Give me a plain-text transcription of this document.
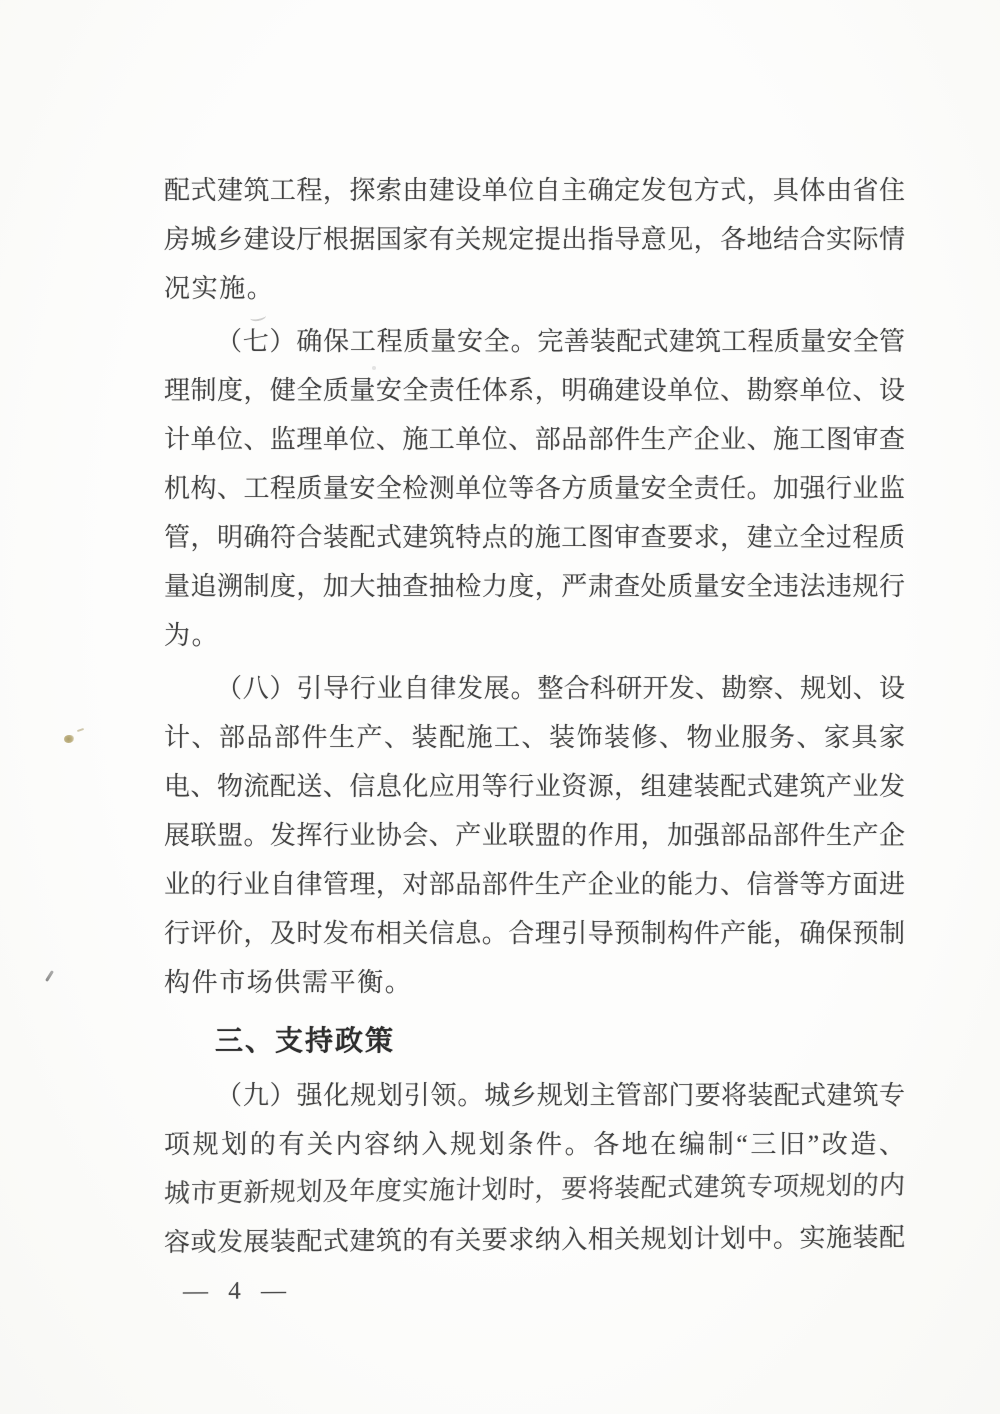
配式建筑工程，探索由建设单位自主确定发包方式，具体由省住
房城乡建设厅根据国家有关规定提出指导意见，各地结合实际情
况实施。
（七）确保工程质量安全。完善装配式建筑工程质量安全管
理制度，健全质量安全责任体系，明确建设单位、勘察单位、设
计单位、监理单位、施工单位、部品部件生产企业、施工图审查
机构、工程质量安全检测单位等各方质量安全责任。加强行业监
管，明确符合装配式建筑特点的施工图审查要求，建立全过程质
量追溯制度，加大抽查抽检力度，严肃查处质量安全违法违规行
为。
（八）引导行业自律发展。整合科研开发、勘察、规划、设
计、部品部件生产、装配施工、装饰装修、物业服务、家具家
电、物流配送、信息化应用等行业资源，组建装配式建筑产业发
展联盟。发挥行业协会、产业联盟的作用，加强部品部件生产企
业的行业自律管理，对部品部件生产企业的能力、信誉等方面进
行评价，及时发布相关信息。合理引导预制构件产能，确保预制
构件市场供需平衡。
三、支持政策
（九）强化规划引领。城乡规划主管部门要将装配式建筑专
项规划的有关内容纳入规划条件。各地在编制“三旧”改造、
城市更新规划及年度实施计划时，要将装配式建筑专项规划的内
容或发展装配式建筑的有关要求纳入相关规划计划中。实施装配
— 4 —
